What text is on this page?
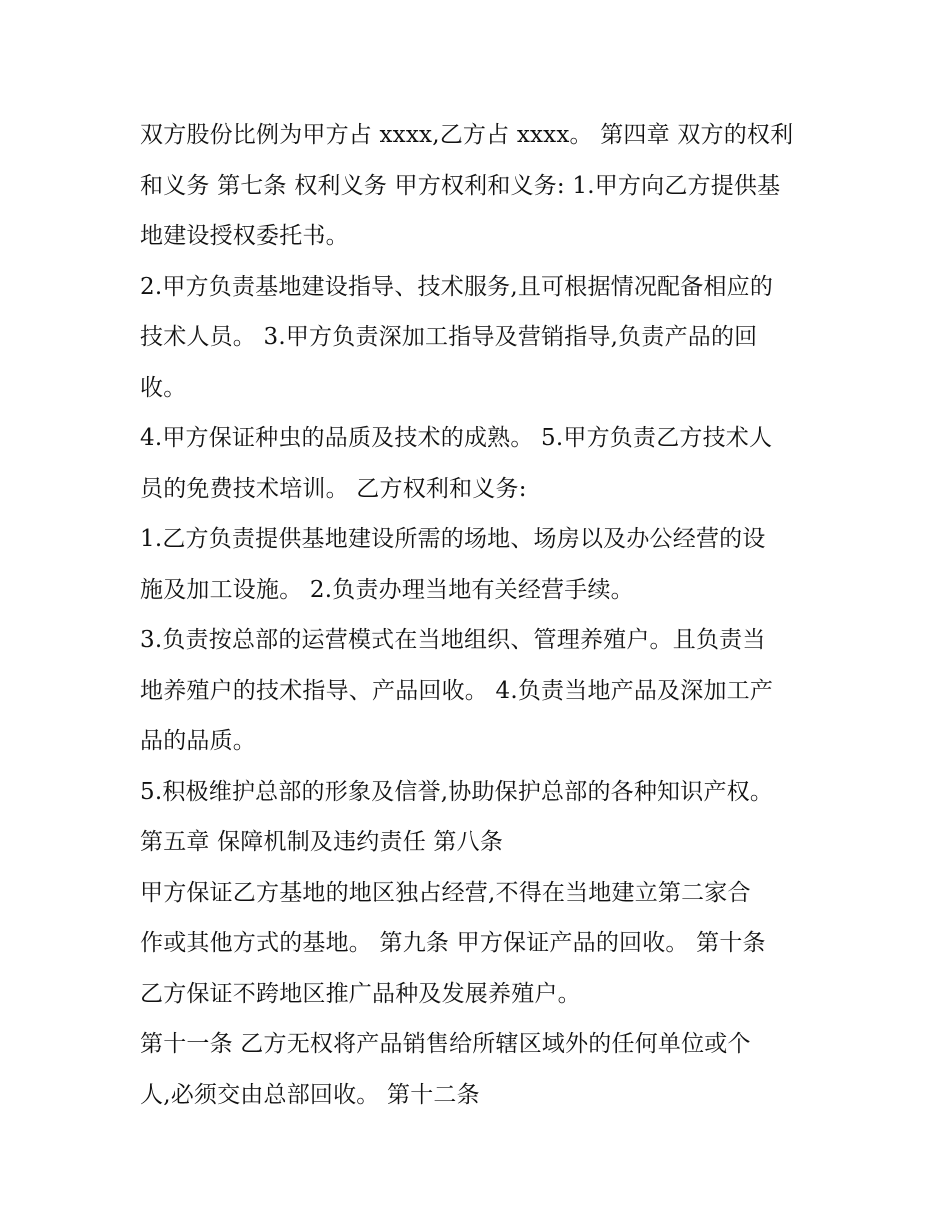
双方股份比例为甲方占 xxxx,乙方占 xxxx。 第四章 双方的权利
和义务 第七条 权利义务 甲方权利和义务: 1.甲方向乙方提供基
地建设授权委托书。
2.甲方负责基地建设指导、技术服务,且可根据情况配备相应的
技术人员。 3.甲方负责深加工指导及营销指导,负责产品的回
收。
4.甲方保证种虫的品质及技术的成熟。 5.甲方负责乙方技术人
员的免费技术培训。 乙方权利和义务:
1.乙方负责提供基地建设所需的场地、场房以及办公经营的设
施及加工设施。 2.负责办理当地有关经营手续。
3.负责按总部的运营模式在当地组织、管理养殖户。且负责当
地养殖户的技术指导、产品回收。 4.负责当地产品及深加工产
品的品质。
5.积极维护总部的形象及信誉,协助保护总部的各种知识产权。
第五章 保障机制及违约责任 第八条
甲方保证乙方基地的地区独占经营,不得在当地建立第二家合
作或其他方式的基地。 第九条 甲方保证产品的回收。 第十条
乙方保证不跨地区推广品种及发展养殖户。
第十一条 乙方无权将产品销售给所辖区域外的任何单位或个
人,必须交由总部回收。 第十二条
